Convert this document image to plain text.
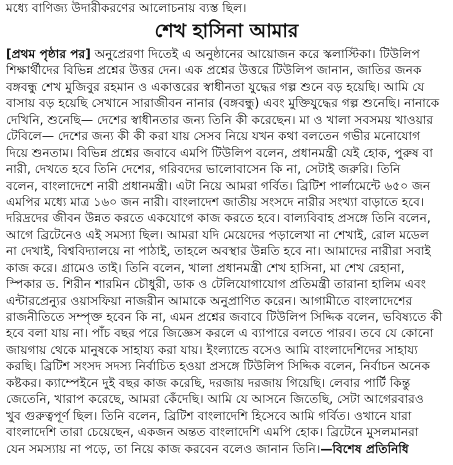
মধ্যে বাণিজ্য উদারীকরণের আলোচনায় ব্যস্ত ছিল।
শেখ হাসিনা আমার
[প্রথম পৃষ্ঠার পর] অনুপ্রেরণা দিতেই এ অনুষ্ঠানের আয়োজন করে স্কলাস্টিকা। টিউলিপ
শিক্ষার্থীদের বিভিন্ন প্রশ্নের উত্তর দেন। এক প্রশ্নের উত্তরে টিউলিপ জানান, জাতির জনক
বঙ্গবন্ধু শেখ মুজিবুর রহমান ও একাত্তরের স্বাধীনতা যুদ্ধের গল্প শুনে বড় হয়েছি। আমি যে
বাসায় বড় হয়েছি সেখানে সারাজীবন নানার (বঙ্গবন্ধু) এবং মুক্তিযুদ্ধের গল্প শুনেছি। নানাকে
দেখিনি, শুনেছি— দেশের স্বাধীনতার জন্য তিনি কী করেছেন। মা ও খালা সবসময় খাওয়ার
টেবিলে— দেশের জন্য কী কী করা যায় সেসব নিয়ে যখন কথা বলতেন গভীর মনোযোগ
দিয়ে শুনতাম। বিভিন্ন প্রশ্নের জবাবে এমপি টিউলিপ বলেন, প্রধানমন্ত্রী যেই হোক, পুরুষ বা
নারী, দেখতে হবে তিনি দেশের, গরিবদের ভালোবাসেন কি না, সেটাই জরুরি। তিনি
বলেন, বাংলাদেশে নারী প্রধানমন্ত্রী। এটা নিয়ে আমরা গর্বিত। ব্রিটিশ পার্লামেন্টে ৬৫০ জন
এমপির মধ্যে মাত্র ১৬০ জন নারী। বাংলাদেশ জাতীয় সংসদে নারীর সংখ্যা বাড়াতে হবে।
দরিদ্রদের জীবন উন্নত করতে একযোগে কাজ করতে হবে। বাল্যবিবাহ প্রসঙ্গে তিনি বলেন,
আগে ব্রিটেনেও এই সমস্যা ছিল। আমরা যদি মেয়েদের পড়ালেখা না শেখাই, রোল মডেল
না দেখাই, বিশ্ববিদ্যালয়ে না পাঠাই, তাহলে অবস্থার উন্নতি হবে না। আমাদের নারীরা সবাই
কাজ করে। গ্রামেও তাই। তিনি বলেন, খালা প্রধানমন্ত্রী শেখ হাসিনা, মা শেখ রেহানা,
স্পিকার ড. শিরীন শারমিন চৌধুরী, ডাক ও টেলিযোগাযোগ প্রতিমন্ত্রী তারানা হালিম এবং
এন্টারপ্রেন্যুর ওয়াসফিয়া নাজরীন আমাকে অনুপ্রাণিত করেন। আগামীতে বাংলাদেশের
রাজনীতিতে সম্পৃক্ত হবেন কি না, এমন প্রশ্নের জবাবে টিউলিপ সিদ্দিক বলেন, ভবিষ্যতে কী
হবে বলা যায় না। পাঁচ বছর পরে জিজ্ঞেস করলে এ ব্যাপারে বলতে পারব। তবে যে কোনো
জায়গায় থেকে মানুষকে সাহায্য করা যায়। ইংল্যান্ডে বসেও আমি বাংলাদেশিদের সাহায্য
করছি। ব্রিটিশ সংসদ সদস্য নির্বাচিত হওয়া প্রসঙ্গে টিউলিপ সিদ্দিক বলেন, নির্বাচন অনেক
কষ্টকর। ক্যাম্পেইনে দুই বছর কাজ করেছি, দরজায় দরজায় গিয়েছি। লেবার পার্টি কিন্তু
জেতেনি, খারাপ করেছে, আমরা কেঁদেছি। আমি যে আসনে জিতেছি, সেটা আগেরবারও
খুব গুরুত্বপূর্ণ ছিল। তিনি বলেন, ব্রিটিশ বাংলাদেশি হিসেবে আমি গর্বিত। ওখানে যারা
বাংলাদেশি তারা চেয়েছেন, একজন অন্তত বাংলাদেশি এমপি হোক। ব্রিটেনে মুসলমানরা
যেন সমস্যায় না পড়ে, তা নিয়ে কাজ করবেন বলেও জানান তিনি।—বিশেষ প্রতিনিধি
